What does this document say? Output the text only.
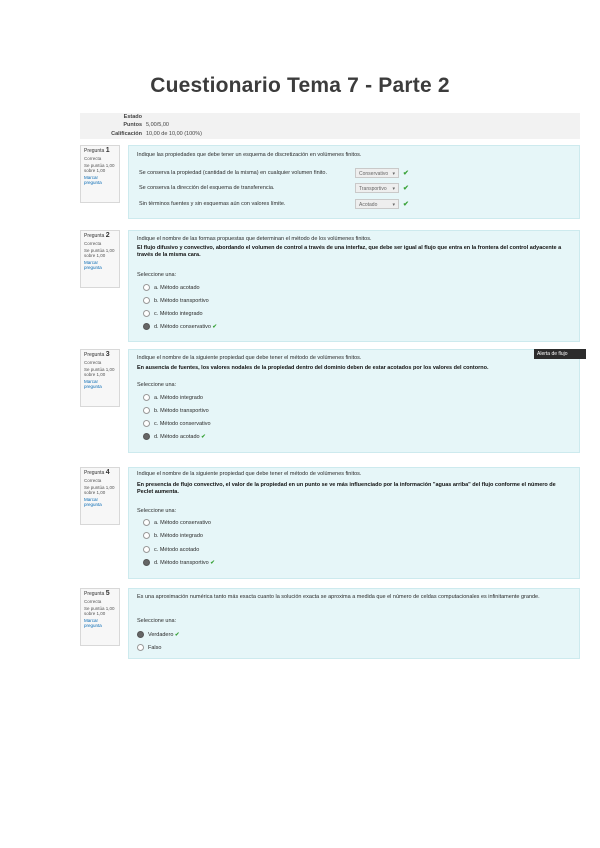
Cuestionario Tema 7 - Parte 2
Estado
Puntos 5,00/5,00
Calificación 10,00 de 10,00 (100%)
Pregunta 1
Correcta
Se puntúa 1,00 sobre 1,00
Marcar pregunta
Indique las propiedades que debe tener un esquema de discretización en volúmenes finitos.
Se conserva la propiedad (cantidad de la misma) en cualquier volumen finito.	Conservativo ▾ ✔
Se conserva la dirección del esquema de transferencia.	Transportivo ▾ ✔
Sin términos fuentes y sin esquemas aún con valores límite.	Acotado	▾ ✔
Pregunta 2
Correcta
Se puntúa 1,00 sobre 1,00
Marcar pregunta
Indique el nombre de las formas propuestas que determinan el método de los volúmenes finitos.
El flujo difusivo y convectivo, abordando el volumen de control a través de una interfaz, que debe ser igual al flujo que entra en la frontera del control adyacente a través de la misma cara.
Seleccione una:
a. Método acotado
b. Método transportivo
c. Método integrado
d. Método conservativo ✔
Pregunta 3
Correcta
Se puntúa 1,00 sobre 1,00
Marcar pregunta
Indique el nombre de la siguiente propiedad que debe tener el método de volúmenes finitos.
En ausencia de fuentes, los valores nodales de la propiedad dentro del dominio deben de estar acotados por los valores del contorno.
Seleccione una:
a. Método integrado
b. Método transportivo
c. Método conservativo
d. Método acotado ✔
Alerta de flujo
Pregunta 4
Correcta
Se puntúa 1,00 sobre 1,00
Marcar pregunta
Indique el nombre de la siguiente propiedad que debe tener el método de volúmenes finitos.
En presencia de flujo convectivo, el valor de la propiedad en un punto se ve más influenciado por la información "aguas arriba" del flujo conforme el número de Peclet aumenta.
Seleccione una:
a. Método conservativo
b. Método integrado
c. Método acotado
d. Método transportivo ✔
Pregunta 5
Correcta
Se puntúa 1,00 sobre 1,00
Marcar pregunta
Es una aproximación numérica tanto más exacta cuanto la solución exacta se aproxima a medida que el número de celdas computacionales es infinitamente grande.
Seleccione una:
Verdadero ✔
Falso
